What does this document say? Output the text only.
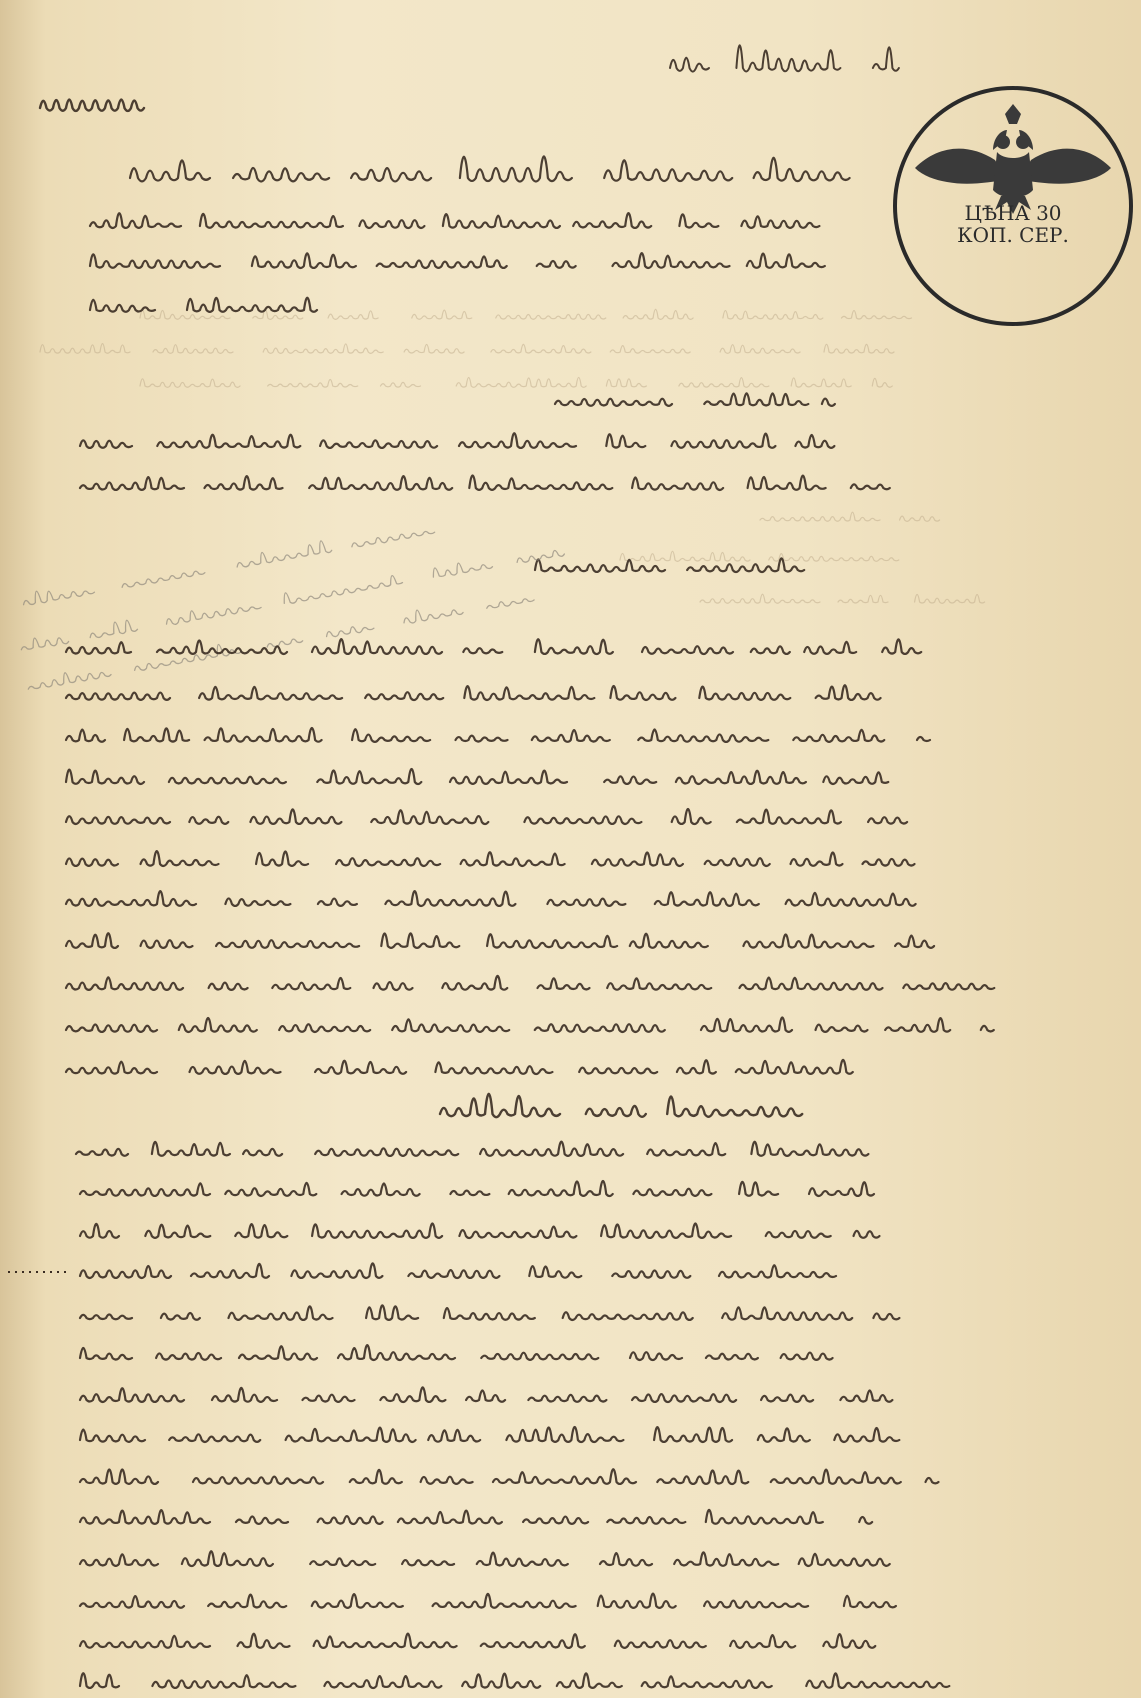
ЦѢНА 30
КОП. СЕР.
